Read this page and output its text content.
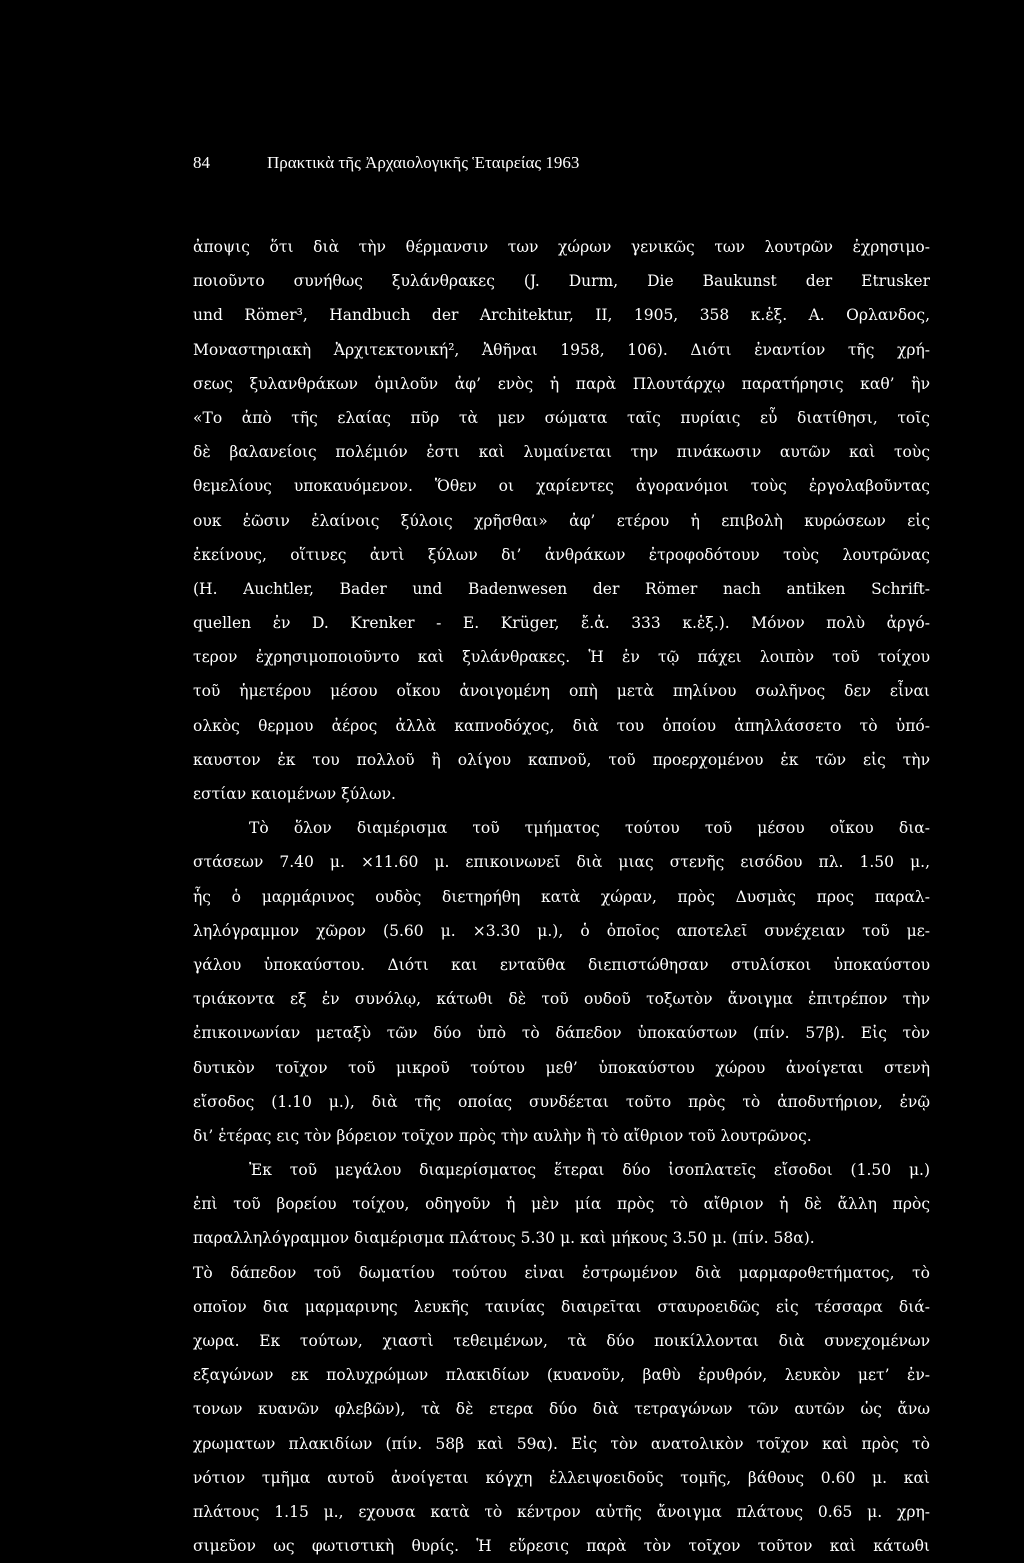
84	Πρακτικὰ τῆς Ἀρχαιολογικῆς Ἑταιρείας 1963
ἀποψις ὅτι διὰ τὴν θέρμανσιν των χώρων γενικῶς των λουτρῶν ἐχρησιμο-
ποιοῦντο συνήθως ξυλάνθρακες (J. Durm, Die Baukunst der Etrusker
und Römer³, Handbuch der Architektur, II, 1905, 358 κ.ἑξ. Α. Ορλανδος,
Μοναστηριακὴ Ἀρχιτεκτονική², Ἀθῆναι 1958, 106). Διότι ἐναντίον τῆς χρή-
σεως ξυλανθράκων ὁμιλοῦν ἀφ’ ενὸς ἡ παρὰ Πλουτάρχῳ παρατήρησις καθ’ ἣν
«Το ἀπὸ τῆς ελαίας πῦρ τὰ μεν σώματα ταῖς πυρίαις εὖ διατίθησι, τοῖς
δὲ βαλανείοις πολέμιόν ἐστι καὶ λυμαίνεται την πινάκωσιν αυτῶν καὶ τοὺς
θεμελίους υποκαυόμενον. Ὅθεν οι χαρίεντες ἀγορανόμοι τοὺς ἐργολαβοῦντας
ουκ ἐῶσιν ἐλαίνοις ξύλοις χρῆσθαι» ἀφ’ ετέρου ἡ επιβολὴ κυρώσεων εἰς
ἐκείνους, οἵτινες ἀντὶ ξύλων δι’ ἀνθράκων ἐτροφοδότουν τοὺς λουτρῶνας
(H. Auchtler, Bader und Badenwesen der Römer nach antiken Schrift-
quellen ἐν D. Krenker - E. Krüger, ἔ.ἀ. 333 κ.ἑξ.). Μόνον πολὺ ἀργό-
τερον ἐχρησιμοποιοῦντο καὶ ξυλάνθρακες. Ἡ ἐν τῷ πάχει λοιπὸν τοῦ τοίχου
τοῦ ἡμετέρου μέσου οἴκου ἀνοιγομένη οπὴ μετὰ πηλίνου σωλῆνος δεν εἶναι
ολκὸς θερμου ἀέρος ἀλλὰ καπνοδόχος, διὰ του ὁποίου ἀπηλλάσσετο τὸ ὑπό-
καυστον ἐκ του πολλοῦ ἢ ολίγου καπνοῦ, τοῦ προερχομένου ἐκ τῶν εἰς τὴν
εστίαν καιομένων ξύλων.
Τὸ ὅλον διαμέρισμα τοῦ τμήματος τούτου τοῦ μέσου οἴκου δια-
στάσεων 7.40 μ. ×11.60 μ. επικοινωνεῖ διὰ μιας στενῆς εισόδου πλ. 1.50 μ.,
ἧς ὁ μαρμάρινος ουδὸς διετηρήθη κατὰ χώραν, πρὸς Δυσμὰς προς παραλ-
ληλόγραμμον χῶρον (5.60 μ. ×3.30 μ.), ὁ ὁποῖος αποτελεῖ συνέχειαν τοῦ με-
γάλου ὑποκαύστου. Διότι και ενταῦθα διεπιστώθησαν στυλίσκοι ὑποκαύστου
τριάκοντα εξ ἐν συνόλῳ, κάτωθι δὲ τοῦ ουδοῦ τοξωτὸν ἄνοιγμα ἐπιτρέπον τὴν
ἐπικοινωνίαν μεταξὺ τῶν δύο ὑπὸ τὸ δάπεδον ὑποκαύστων (πίν. 57β). Εἰς τὸν
δυτικὸν τοῖχον τοῦ μικροῦ τούτου μεθ’ ὑποκαύστου χώρου ἀνοίγεται στενὴ
εἴσοδος (1.10 μ.), διὰ τῆς οποίας συνδέεται τοῦτο πρὸς τὸ ἀποδυτήριον, ἐνῷ
δι’ ἑτέρας εις τὸν βόρειον τοῖχον πρὸς τὴν αυλὴν ἢ τὸ αἴθριον τοῦ λουτρῶνος.
Ἐκ τοῦ μεγάλου διαμερίσματος ἕτεραι δύο ἰσοπλατεῖς εἴσοδοι (1.50 μ.)
ἐπὶ τοῦ βορείου τοίχου, οδηγοῦν ἡ μὲν μία πρὸς τὸ αἴθριον ἡ δὲ ἄλλη πρὸς
παραλληλόγραμμον διαμέρισμα πλάτους 5.30 μ. καὶ μήκους 3.50 μ. (πίν. 58α).
Τὸ δάπεδον τοῦ δωματίου τούτου εἰναι ἐστρωμένον διὰ μαρμαροθετήματος, τὸ
οποῖον δια μαρμαρινης λευκῆς ταινίας διαιρεῖται σταυροειδῶς εἰς τέσσαρα διά-
χωρα. Εκ τούτων, χιαστὶ τεθειμένων, τὰ δύο ποικίλλονται διὰ συνεχομένων
εξαγώνων εκ πολυχρώμων πλακιδίων (κυανοῦν, βαθὺ ἐρυθρόν, λευκὸν μετ’ ἐν-
τονων κυανῶν φλεβῶν), τὰ δὲ ετερα δύο διὰ τετραγώνων τῶν αυτῶν ὡς ἄνω
χρωματων πλακιδίων (πίν. 58β καὶ 59α). Εἰς τὸν ανατολικὸν τοῖχον καὶ πρὸς τὸ
νότιον τμῆμα αυτοῦ ἀνοίγεται κόγχη ἐλλειψοειδοῦς τομῆς, βάθους 0.60 μ. καὶ
πλάτους 1.15 μ., εχουσα κατὰ τὸ κέντρον αὐτῆς ἄνοιγμα πλάτους 0.65 μ. χρη-
σιμεῦον ως φωτιστικὴ θυρίς. Ἡ εὕρεσις παρὰ τὸν τοῖχον τοῦτον καὶ κάτωθι
